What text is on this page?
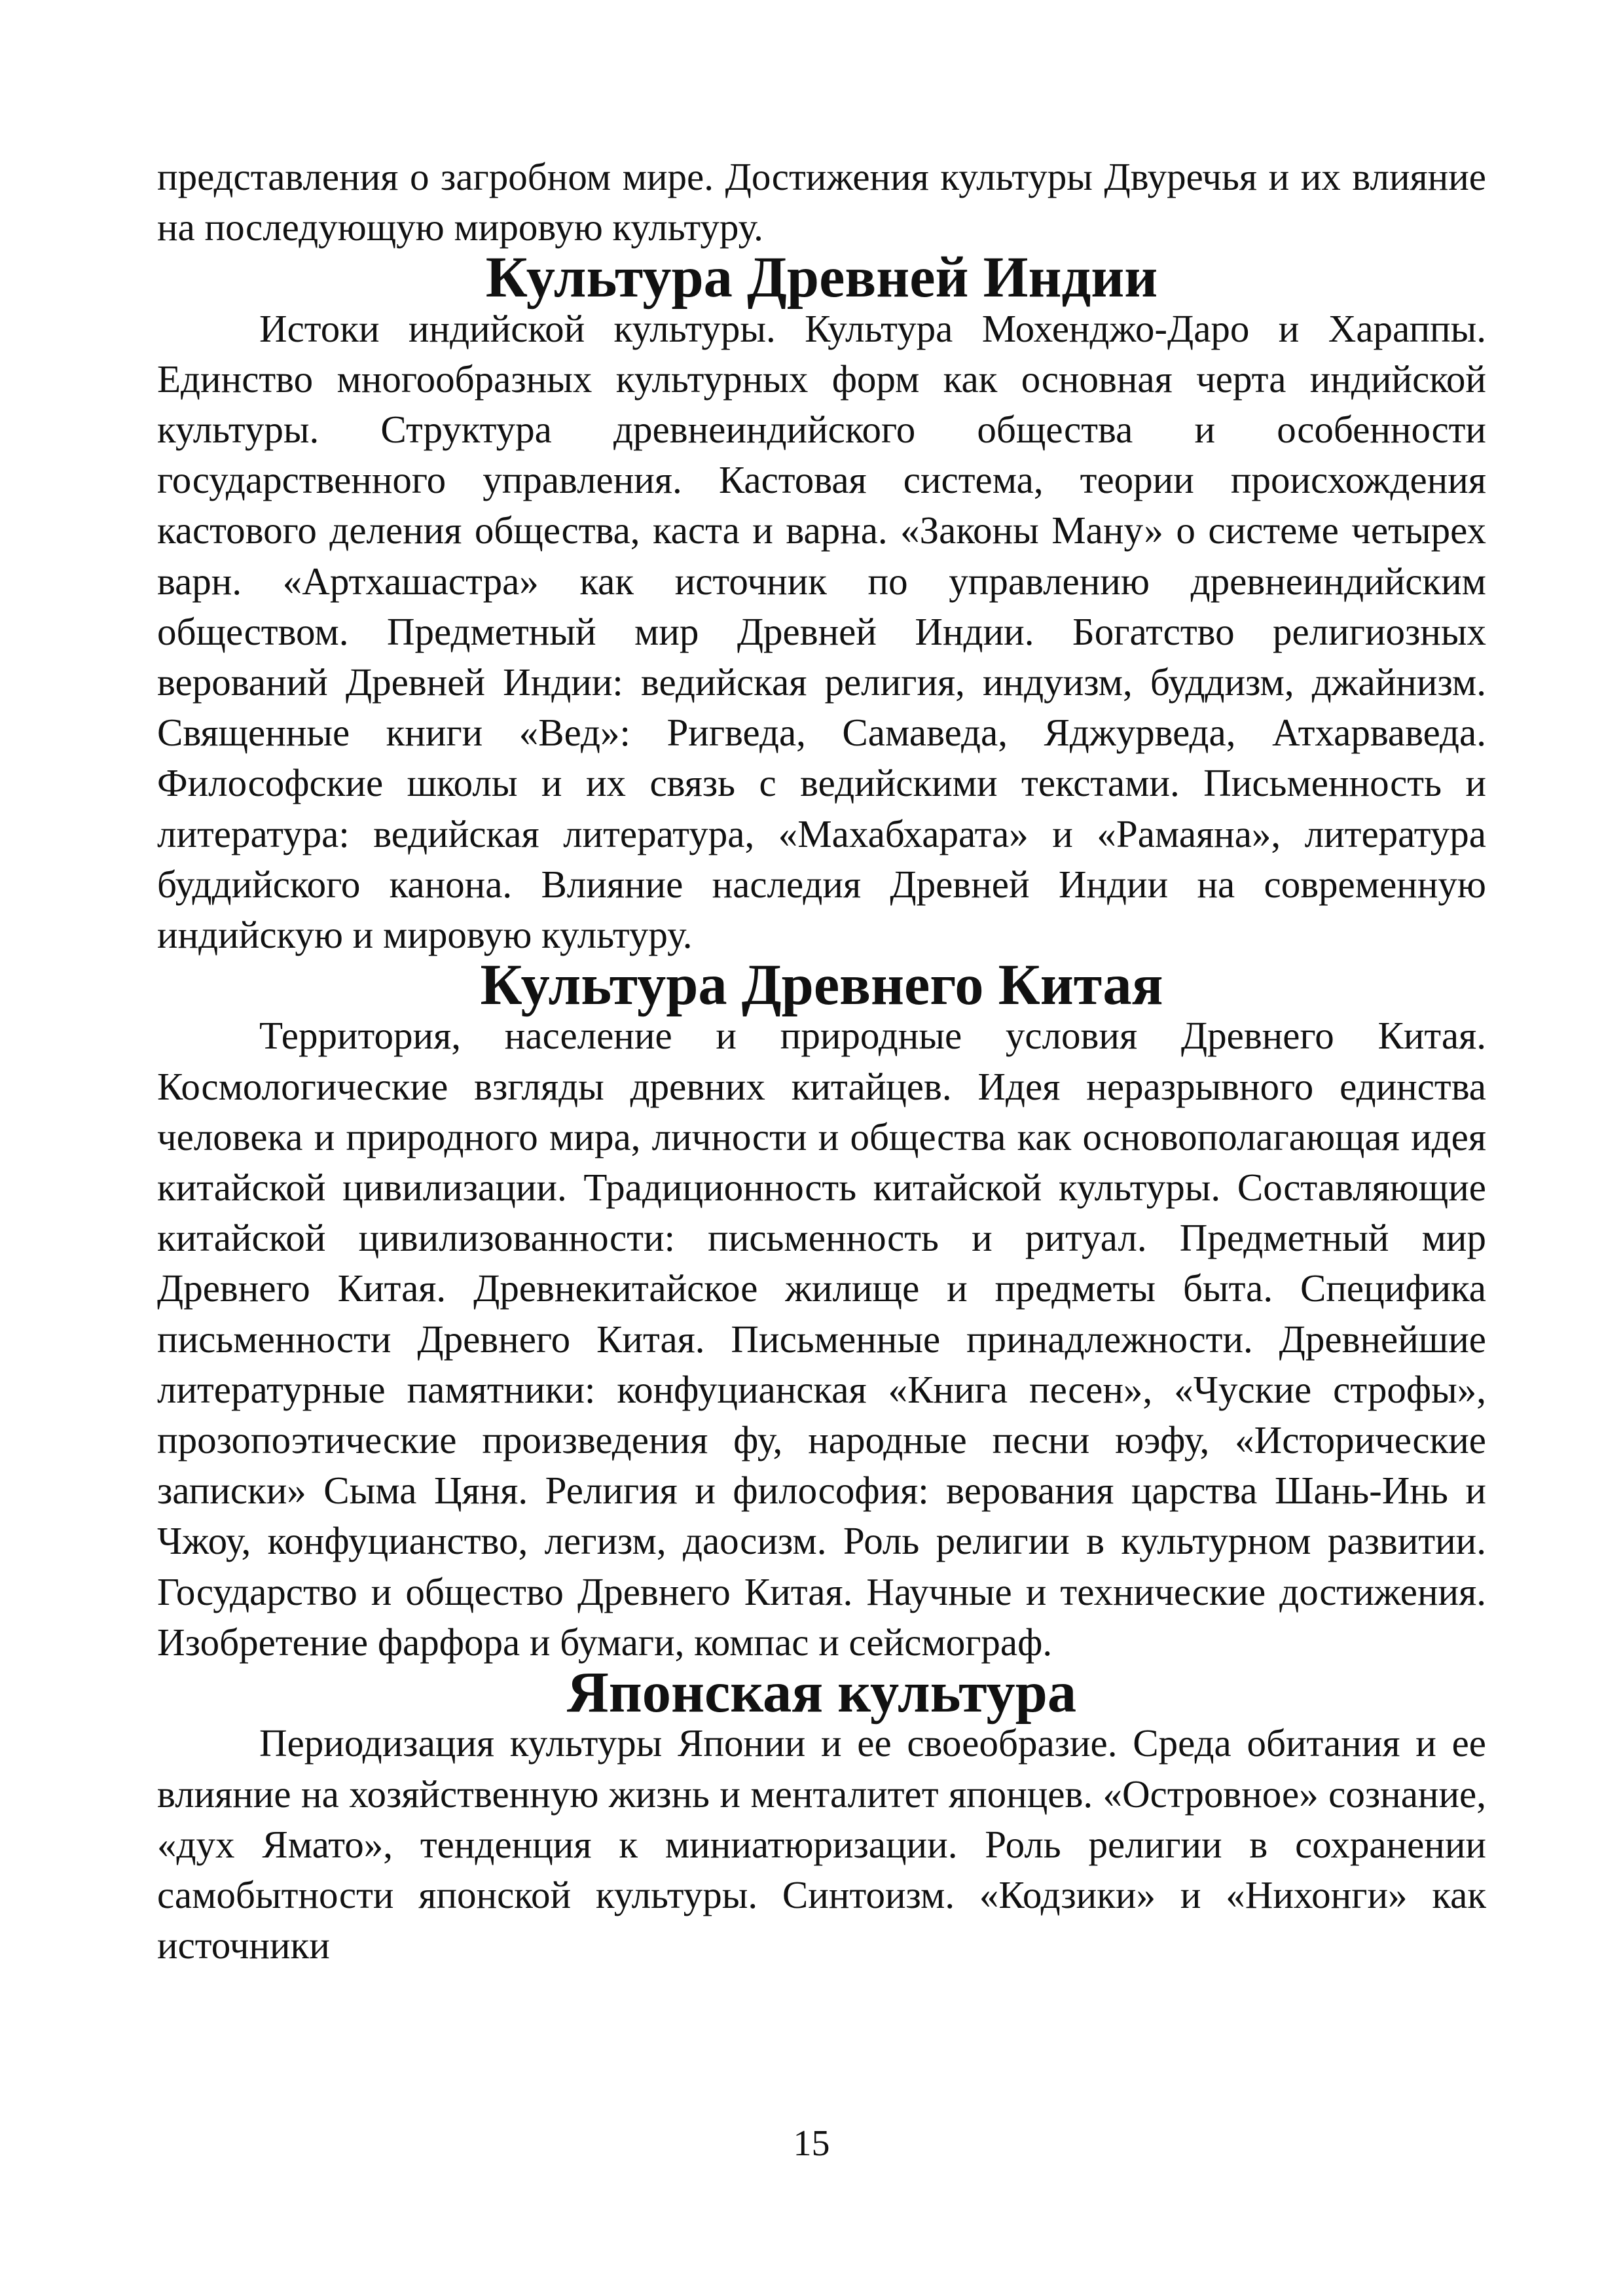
представления о загробном мире. Достижения культуры Двуречья и их влияние на последующую мировую культуру.

Культура Древней Индии

Истоки индийской культуры. Культура Мохенджо-Даро и Хараппы. Единство многообразных культурных форм как основная черта индийской культуры. Структура древнеиндийского общества и особенности государственного управления. Кастовая система, теории происхождения кастового деления общества, каста и варна. «Законы Ману» о системе четырех варн. «Артхашастра» как источник по управлению древнеиндийским обществом. Предметный мир Древней Индии. Богатство религиозных верований Древней Индии: ведийская религия, индуизм, буддизм, джайнизм. Священные книги «Вед»: Ригведа, Самаведа, Яджурведа, Атхарваведа. Философские школы и их связь с ведийскими текстами. Письменность и литература: ведийская литература, «Махабхарата» и «Рамаяна», литература буддийского канона. Влияние наследия Древней Индии на современную индийскую и мировую культуру.

Культура Древнего Китая

Территория, население и природные условия Древнего Китая. Космологические взгляды древних китайцев. Идея неразрывного единства человека и природного мира, личности и общества как основополагающая идея китайской цивилизации. Традиционность китайской культуры. Составляющие китайской цивилизованности: письменность и ритуал. Предметный мир Древнего Китая. Древнекитайское жилище и предметы быта. Специфика письменности Древнего Китая. Письменные принадлежности. Древнейшие литературные памятники: конфуцианская «Книга песен», «Чуские строфы», прозопоэтические произведения фу, народные песни юэфу, «Исторические записки» Сыма Цяня. Религия и философия: верования царства Шань-Инь и Чжоу, конфуцианство, легизм, даосизм. Роль религии в культурном развитии. Государство и общество Древнего Китая. Научные и технические достижения. Изобретение фарфора и бумаги, компас и сейсмограф.

Японская культура

Периодизация культуры Японии и ее своеобразие. Среда обитания и ее влияние на хозяйственную жизнь и менталитет японцев. «Островное» сознание, «дух Ямато», тенденция к миниатюризации. Роль религии в сохранении самобытности японской культуры. Синтоизм. «Кодзики» и «Нихонги» как источники

15
